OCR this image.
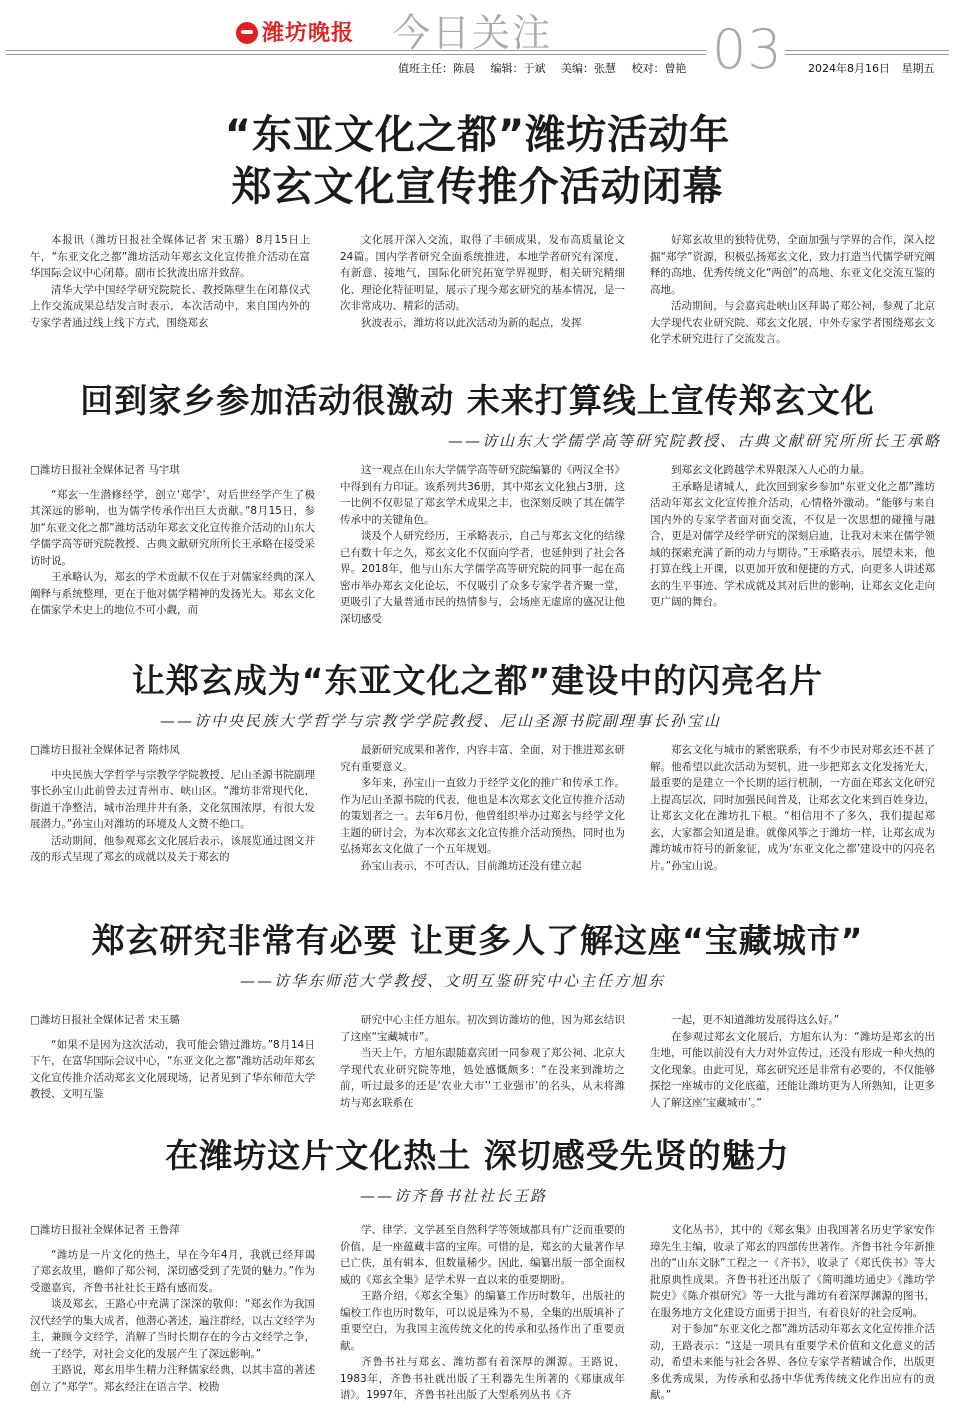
潍坊晚报 今日关注	03
值班主任：陈晨 编辑：于斌 美编：张慧 校对：曾艳	2024年8月16日 星期五
“东亚文化之都”潍坊活动年
郑玄文化宣传推介活动闭幕

本报讯（潍坊日报社全媒体记者 宋玉璐）8月15日上午，“东亚文化之都”潍坊活动年郑玄文化宣传推介活动在富华国际会议中心闭幕。副市长狄波出席并致辞。

清华大学中国经学研究院院长、教授陈壁生在闭幕仪式上作交流成果总结发言时表示，本次活动中，来自国内外的专家学者通过线上线下方式，围绕郑玄

文化展开深入交流，取得了丰硕成果，发布高质量论文24篇。国内学者研究全面系统推进，本地学者研究有深度、有新意、接地气，国际化研究拓宽学界视野，相关研究精细化、理论化特征明显，展示了现今郑玄研究的基本情况，是一次非常成功、精彩的活动。

狄波表示，潍坊将以此次活动为新的起点，发挥

好郑玄故里的独特优势，全面加强与学界的合作，深入挖掘“郑学”资源，积极弘扬郑玄文化，致力打造当代儒学研究阐释的高地、优秀传统文化“两创”的高地、东亚文化交流互鉴的高地。

活动期间，与会嘉宾赴峡山区拜谒了郑公祠，参观了北京大学现代农业研究院、郑玄文化展，中外专家学者围绕郑玄文化学术研究进行了交流发言。

回到家乡参加活动很激动 未来打算线上宣传郑玄文化
——访山东大学儒学高等研究院教授、古典文献研究所所长王承略

□潍坊日报社全媒体记者 马宇琪

“郑玄一生潜修经学，创立‘郑学’，对后世经学产生了极其深远的影响，也为儒学传承作出巨大贡献。”8月15日，参加“东亚文化之都”潍坊活动年郑玄文化宣传推介活动的山东大学儒学高等研究院教授、古典文献研究所所长王承略在接受采访时说。

王承略认为，郑玄的学术贡献不仅在于对儒家经典的深入阐释与系统整理，更在于他对儒学精神的发扬光大。郑玄文化在儒家学术史上的地位不可小觑，而

这一观点在山东大学儒学高等研究院编纂的《两汉全书》中得到有力印证。该系列共36册，其中郑玄文化独占3册，这一比例不仅彰显了郑玄学术成果之丰，也深刻反映了其在儒学传承中的关键角色。

谈及个人研究经历，王承略表示，自己与郑玄文化的结缘已有数十年之久，郑玄文化不仅面向学者，也延伸到了社会各界。2018年，他与山东大学儒学高等研究院的同事一起在高密市举办郑玄文化论坛，不仅吸引了众多专家学者齐聚一堂，更吸引了大量普通市民的热情参与，会场座无虚席的盛况让他深切感受

到郑玄文化跨越学术界限深入人心的力量。

王承略是诸城人，此次回到家乡参加“东亚文化之都”潍坊活动年郑玄文化宣传推介活动，心情格外激动。“能够与来自国内外的专家学者面对面交流，不仅是一次思想的碰撞与融合，更是对儒学及经学研究的深刻启迪，让我对未来在儒学领域的探索充满了新的动力与期待。”王承略表示，展望未来，他打算在线上开课，以更加开放和便捷的方式，向更多人讲述郑玄的生平事迹、学术成就及其对后世的影响，让郑玄文化走向更广阔的舞台。

让郑玄成为“东亚文化之都”建设中的闪亮名片
——访中央民族大学哲学与宗教学学院教授、尼山圣源书院副理事长孙宝山

□潍坊日报社全媒体记者 隋炜凤

中央民族大学哲学与宗教学学院教授、尼山圣源书院副理事长孙宝山此前曾去过青州市、峡山区。“潍坊非常现代化，街道干净整洁，城市治理井井有条，文化氛围浓厚，有很大发展潜力。”孙宝山对潍坊的环境及人文赞不绝口。

活动期间，他参观郑玄文化展后表示，该展览通过图文并茂的形式呈现了郑玄的成就以及关于郑玄的

最新研究成果和著作，内容丰富、全面，对于推进郑玄研究有重要意义。

多年来，孙宝山一直致力于经学文化的推广和传承工作。作为尼山圣源书院的代表，他也是本次郑玄文化宣传推介活动的策划者之一。去年6月份，他曾组织举办过郑玄与经学文化主题的研讨会，为本次郑玄文化宣传推介活动预热，同时也为弘扬郑玄文化做了一个五年规划。

孙宝山表示，不可否认，目前潍坊还没有建立起

郑玄文化与城市的紧密联系，有不少市民对郑玄还不甚了解。他希望以此次活动为契机，进一步把郑玄文化发扬光大，最重要的是建立一个长期的运行机制，一方面在郑玄文化研究上提高层次，同时加强民间普及，让郑玄文化来到百姓身边，让郑玄文化在潍坊扎下根。“相信用不了多久，我们提起郑玄，大家都会知道是谁。就像风筝之于潍坊一样，让郑玄成为潍坊城市符号的新象征，成为‘东亚文化之都’建设中的闪亮名片。”孙宝山说。

郑玄研究非常有必要 让更多人了解这座“宝藏城市”
——访华东师范大学教授、文明互鉴研究中心主任方旭东

□潍坊日报社全媒体记者 宋玉璐

“如果不是因为这次活动，我可能会错过潍坊。”8月14日下午，在富华国际会议中心，“东亚文化之都”潍坊活动年郑玄文化宣传推介活动郑玄文化展现场，记者见到了华东师范大学教授、文明互鉴

研究中心主任方旭东。初次到访潍坊的他，因为郑玄结识了这座“宝藏城市”。

当天上午，方旭东跟随嘉宾团一同参观了郑公祠、北京大学现代农业研究院等地，処处感慨颇多：“在没来到潍坊之前，听过最多的还是‘农业大市’‘工业强市’的名头，从未将潍坊与郑玄联系在

一起，更不知道潍坊发展得这么好。”

在参观过郑玄文化展后，方旭东认为：“潍坊是郑玄的出生地，可能以前没有大力对外宣传过，还没有形成一种火热的文化现象。由此可见，郑玄研究还是非常有必要的，不仅能够探挖一座城市的文化底蕴，还能让潍坊更为人所熟知，让更多人了解这座‘宝藏城市’。”

在潍坊这片文化热土 深切感受先贤的魅力
——访齐鲁书社社长王路

□潍坊日报社全媒体记者 王鲁萍

“潍坊是一片文化的热土，早在今年4月，我就已经拜谒了郑玄故里，瞻仰了郑公祠，深切感受到了先贤的魅力。”作为受邀嘉宾，齐鲁书社社长王路有感而发。

谈及郑玄，王路心中充满了深深的敬仰：“郑玄作为我国汉代经学的集大成者，他潜心著述，遍注群经，以古文经学为主，兼顾今文经学，消解了当时长期存在的今古文经学之争，统一了经学，对社会文化的发展产生了深远影响。”

王路说，郑玄用毕生精力注释儒家经典，以其丰富的著述创立了“郑学”。郑玄经注在语言学、校勘

学、律学、文学甚至自然科学等领域都具有广泛而重要的价值，是一座蕴藏丰富的宝库。可惜的是，郑玄的大量著作早已亡佚，虽有辑本，但数量稀少。因此，编纂出版一部全面权威的《郑玄全集》是学术界一直以来的重要期盼。

王路介绍，《郑玄全集》的编纂工作历时数年，出版社的编校工作也历时数年，可以说是殊为不易，全集的出版填补了重要空白，为我国主流传统文化的传承和弘扬作出了重要贡献。

齐鲁书社与郑玄、潍坊都有着深厚的渊源。王路说，1983年，齐鲁书社就出版了王利器先生所著的《郑康成年谱》。1997年，齐鲁书社出版了大型系列丛书《齐

文化丛书》，其中的《郑玄集》由我国著名历史学家安作璋先生主编，收录了郑玄的四部传世著作。齐鲁书社今年新推出的“山东文脉”工程之一《齐书》，收录了《郑氏佚书》等大批原典性成果。齐鲁书社还出版了《简明潍坊通史》《潍坊学院史》《陈介祺研究》等一大批与潍坊有着深厚渊源的图书，在服务地方文化建设方面勇于担当，有着良好的社会反响。

对于参加“东亚文化之都”潍坊活动年郑玄文化宣传推介活动，王路表示：“这是一项具有重要学术价值和文化意义的活动，希望未来能与社会各界、各位专家学者精诚合作，出版更多优秀成果，为传承和弘扬中华优秀传统文化作出应有的贡献。”
